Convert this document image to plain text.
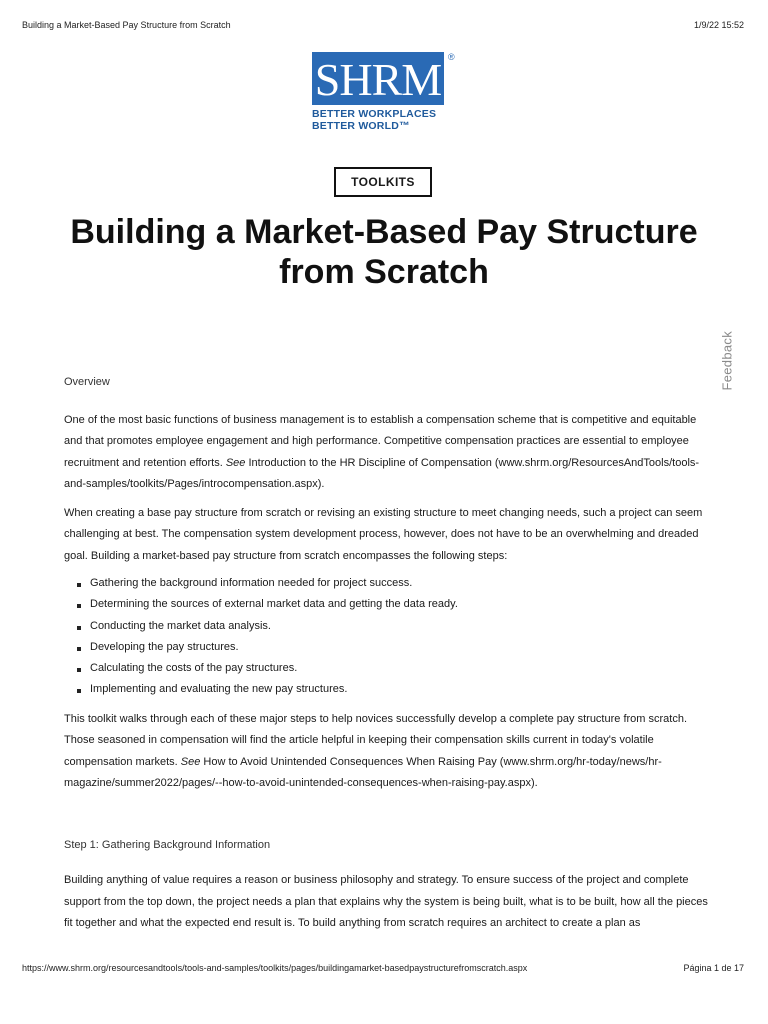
Building a Market-Based Pay Structure from Scratch	1/9/22 15:52
SHRM ®
BETTER WORKPLACES
BETTER WORLD™
TOOLKITS
Building a Market-Based Pay Structure from Scratch
Feedback

Overview

One of the most basic functions of business management is to establish a compensation scheme that is competitive and equitable and that promotes employee engagement and high performance. Competitive compensation practices are essential to employee recruitment and retention efforts. See Introduction to the HR Discipline of Compensation (www.shrm.org/ResourcesAndTools/tools-and-samples/toolkits/Pages/introcompensation.aspx).

When creating a base pay structure from scratch or revising an existing structure to meet changing needs, such a project can seem challenging at best. The compensation system development process, however, does not have to be an overwhelming and dreaded goal. Building a market-based pay structure from scratch encompasses the following steps:

Gathering the background information needed for project success.
Determining the sources of external market data and getting the data ready.
Conducting the market data analysis.
Developing the pay structures.
Calculating the costs of the pay structures.
Implementing and evaluating the new pay structures.

This toolkit walks through each of these major steps to help novices successfully develop a complete pay structure from scratch. Those seasoned in compensation will find the article helpful in keeping their compensation skills current in today's volatile compensation markets. See How to Avoid Unintended Consequences When Raising Pay (www.shrm.org/hr-today/news/hr-magazine/summer2022/pages/--how-to-avoid-unintended-consequences-when-raising-pay.aspx).

Step 1: Gathering Background Information

Building anything of value requires a reason or business philosophy and strategy. To ensure success of the project and complete support from the top down, the project needs a plan that explains why the system is being built, what is to be built, how all the pieces fit together and what the expected end result is. To build anything from scratch requires an architect to create a plan as

https://www.shrm.org/resourcesandtools/tools-and-samples/toolkits/pages/buildingamarket-basedpaystructurefromscratch.aspx	Página 1 de 17
